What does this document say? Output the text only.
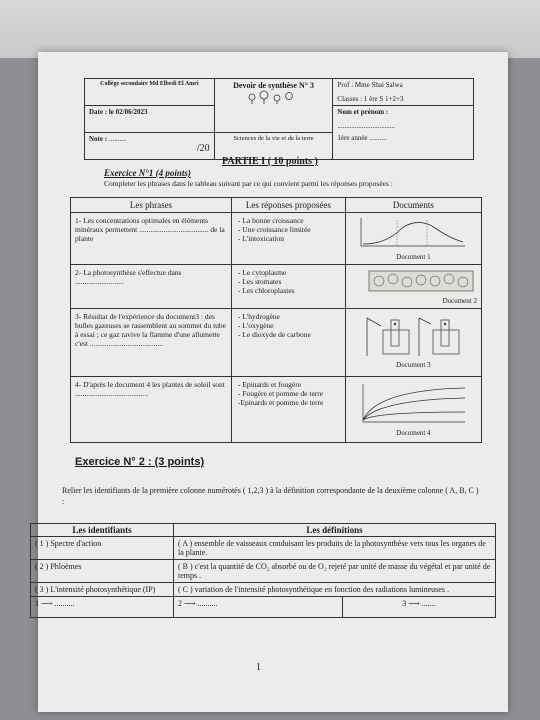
Collège secondaire Md Elbedi El Amri	Devoir de synthèse N° 3	Prof : Mme Sbai Salwa
Classes : 1 ère S 1+2+3

Date : le 02/06/2023		Nom et prénom :
.................................
1ère année ..........

Note : ..........
/20	Sciences de la vie et de la terre	
PARTIE I ( 10 points )
Exercice N°1 (4 points)
Completer les phrases dans le tableau suivant par ce qui convient parmi les réponses proposées :
Les phrases	Les réponses proposées	Documents
1- Les concentrations optimales en éléments minéraux permettent ..................................... de la plante	- La bonne croissance
- Une croissance limitée
- L'intoxication	Document 1

2- La photosynthèse s'effectue dans ..........................	- Le cytoplasme
- Les stomates
- Les chloroplastes	Document 2

3- Résultat de l'expérience du document3 : des bulles gazeuses se rassemblent au sommet du tube à essai ; ce gaz ravive la flamme d'une allumette c'est .......................................	- L'hydrogène
- L'oxygène
- Le dioxyde de carbone	Document 3

4- D'après le document 4 les plantes de soleil sont .......................................	- Epinards et fougère
- Fougère et pomme de terre
-Epinards et pomme de terre	Document 4
Exercice N° 2 : (3 points)
Relier les identifiants de la première colonne numérotés ( 1,2,3 ) à la définition correspondante de la deuxième colonne ( A, B, C ) :
Les identifiants	Les définitions	
( 1 ) Spectre d'action	( A ) ensemble de vaisseaux conduisant les produits de la photosynthèse vers tous les organes de la plante.	
( 2 ) Phloèmes	( B ) c'est la quantité de CO₂ absorbé ou de O₂ rejeté par unité de masse du végétal et par unité de temps .	
( 3 ) L'intensité photosynthétique (IP)	( C ) variation de l'intensité photosynthétique en fonction des radiations lumineuses .	
1 ⟶ ..........	2 ⟶ ..........	3 ⟶ .......
1
